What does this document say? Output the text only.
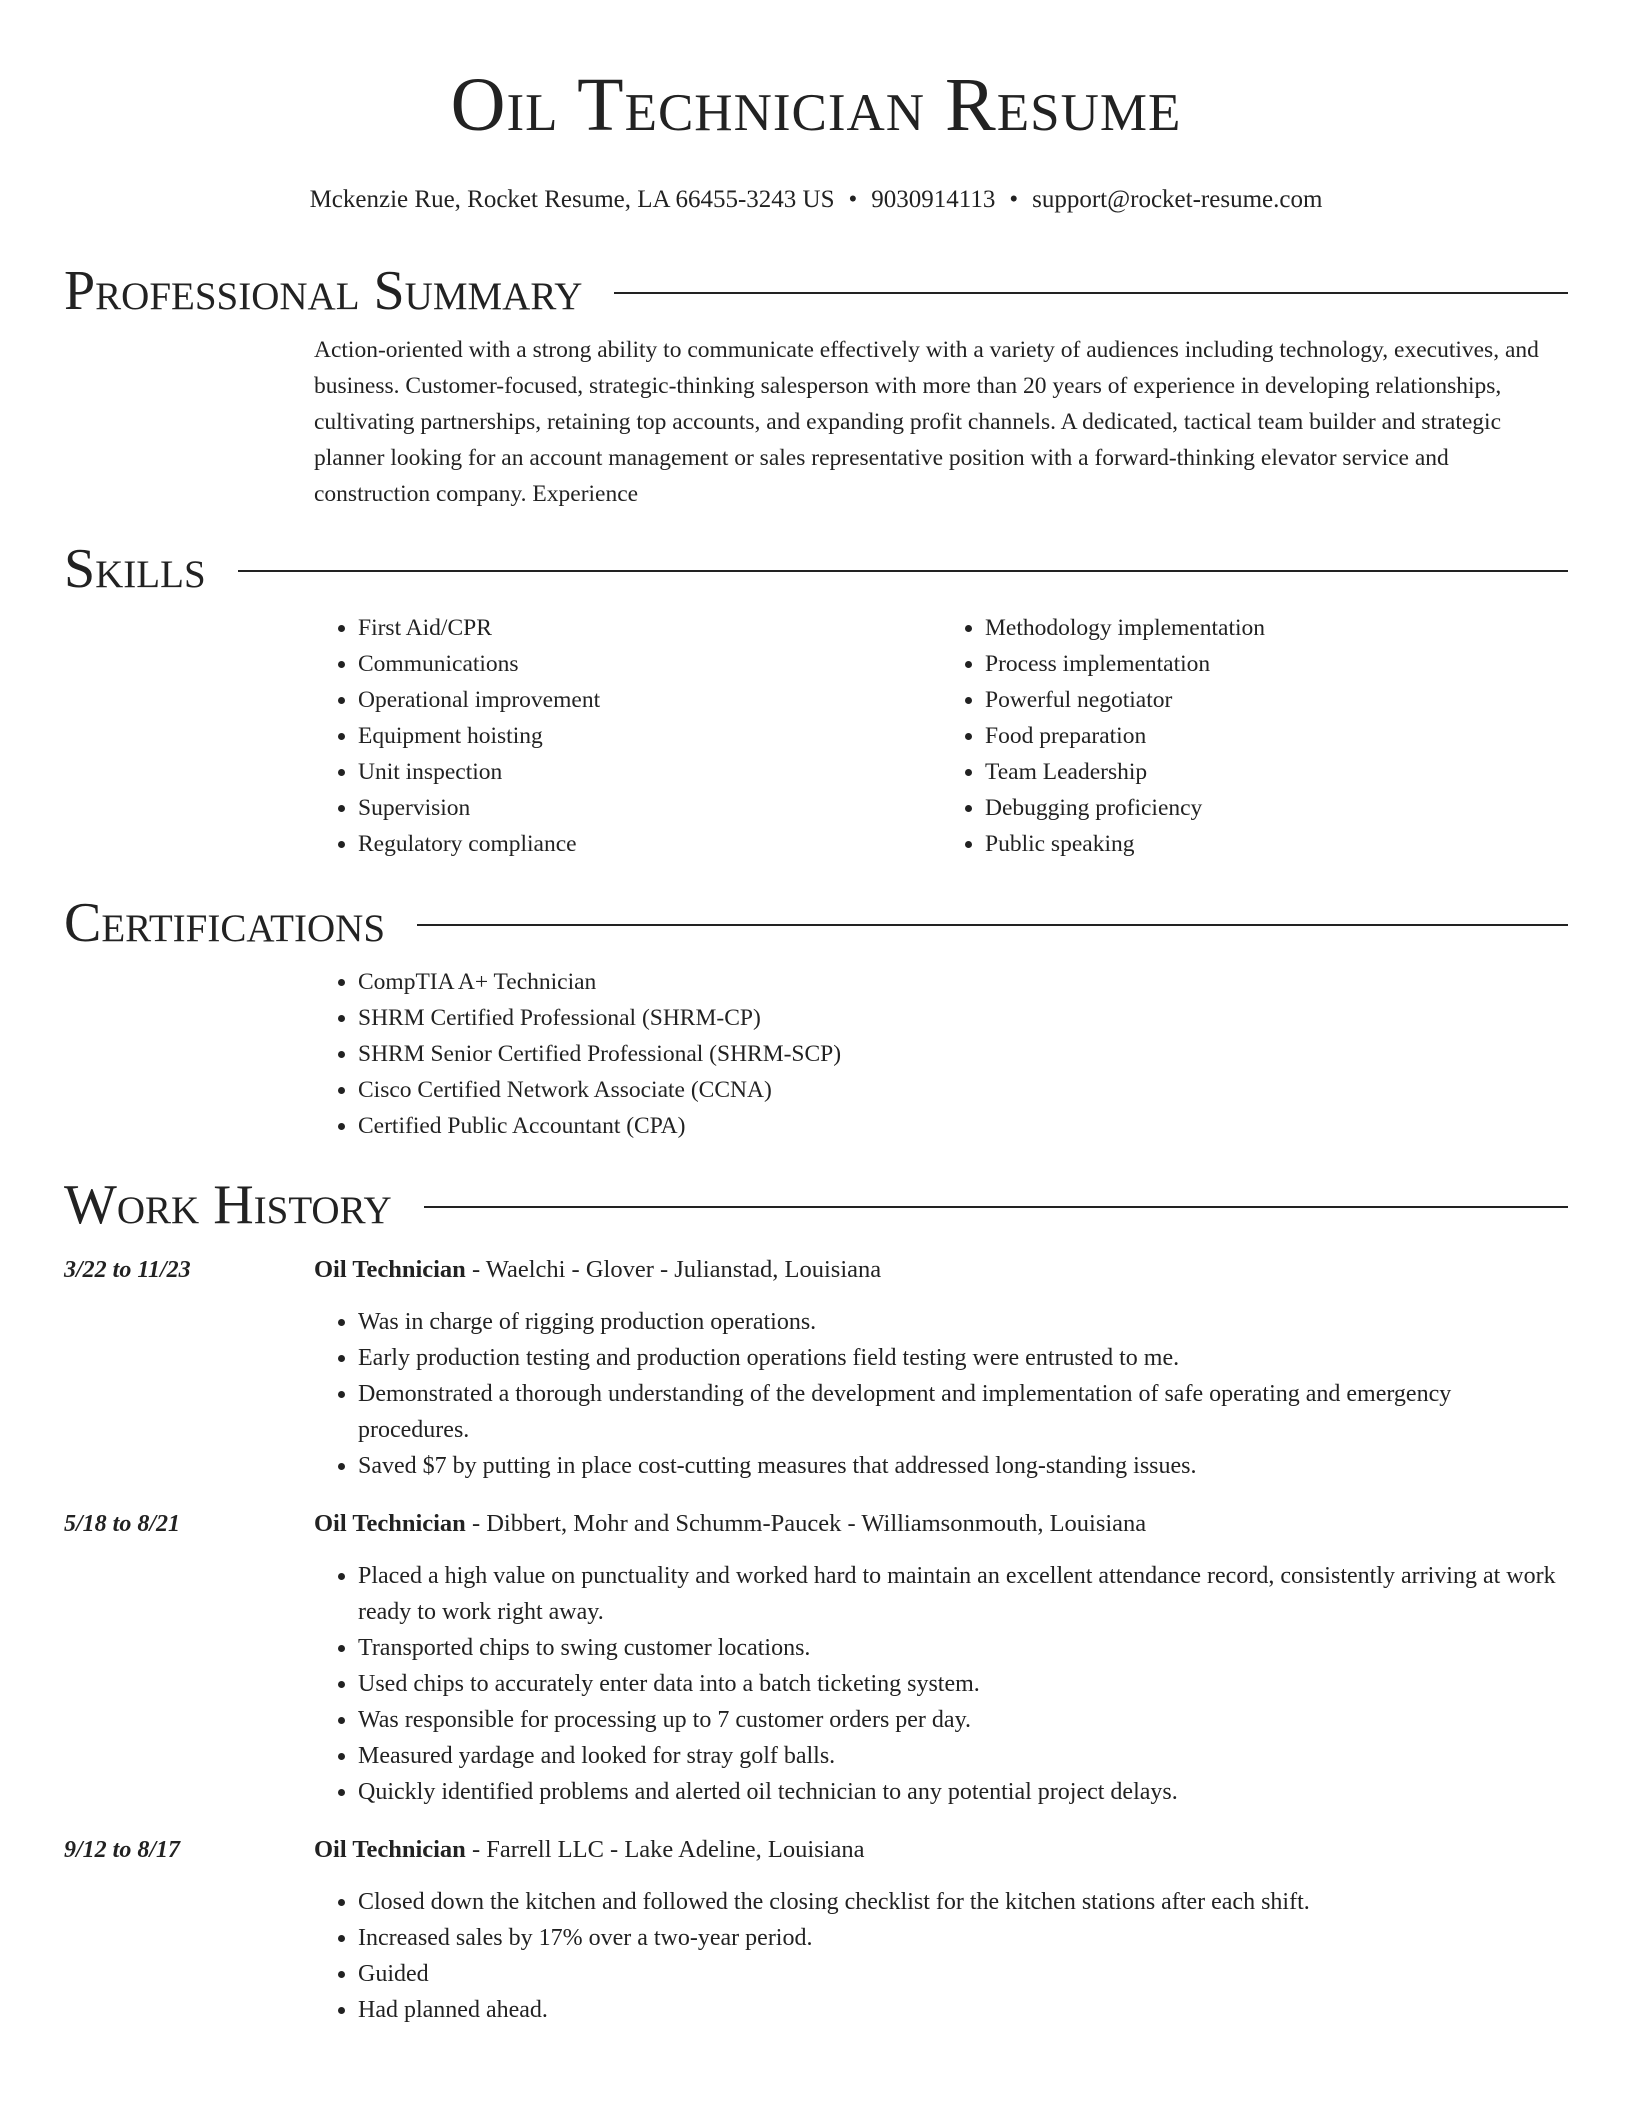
Oil Technician Resume
Mckenzie Rue, Rocket Resume, LA 66455-3243 US • 9030914113 • support@rocket-resume.com
Professional Summary
Action-oriented with a strong ability to communicate effectively with a variety of audiences including technology, executives, and business. Customer-focused, strategic-thinking salesperson with more than 20 years of experience in developing relationships, cultivating partnerships, retaining top accounts, and expanding profit channels. A dedicated, tactical team builder and strategic planner looking for an account management or sales representative position with a forward-thinking elevator service and construction company. Experience
Skills
• First Aid/CPR
• Communications
• Operational improvement
• Equipment hoisting
• Unit inspection
• Supervision
• Regulatory compliance
• Methodology implementation
• Process implementation
• Powerful negotiator
• Food preparation
• Team Leadership
• Debugging proficiency
• Public speaking
Certifications
• CompTIA A+ Technician
• SHRM Certified Professional (SHRM-CP)
• SHRM Senior Certified Professional (SHRM-SCP)
• Cisco Certified Network Associate (CCNA)
• Certified Public Accountant (CPA)
Work History
3/22 to 11/23	Oil Technician - Waelchi - Glover - Julianstad, Louisiana
• Was in charge of rigging production operations.
• Early production testing and production operations field testing were entrusted to me.
• Demonstrated a thorough understanding of the development and implementation of safe operating and emergency procedures.
• Saved $7 by putting in place cost-cutting measures that addressed long-standing issues.
5/18 to 8/21	Oil Technician - Dibbert, Mohr and Schumm-Paucek - Williamsonmouth, Louisiana
• Placed a high value on punctuality and worked hard to maintain an excellent attendance record, consistently arriving at work ready to work right away.
• Transported chips to swing customer locations.
• Used chips to accurately enter data into a batch ticketing system.
• Was responsible for processing up to 7 customer orders per day.
• Measured yardage and looked for stray golf balls.
• Quickly identified problems and alerted oil technician to any potential project delays.
9/12 to 8/17	Oil Technician - Farrell LLC - Lake Adeline, Louisiana
• Closed down the kitchen and followed the closing checklist for the kitchen stations after each shift.
• Increased sales by 17% over a two-year period.
• Guided
• Had planned ahead.
